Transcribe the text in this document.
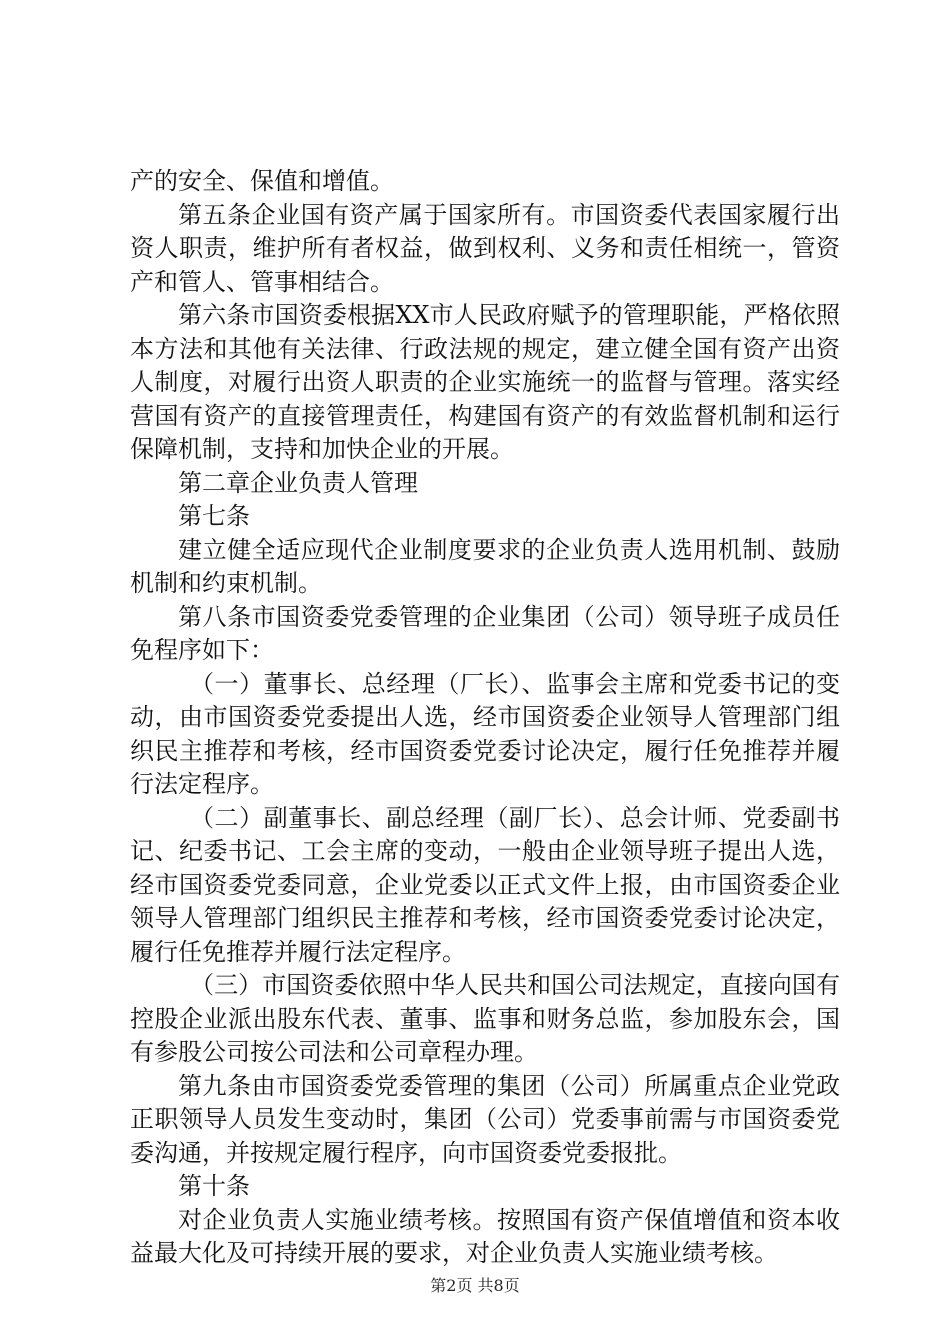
产的安全、保值和增值。

第五条企业国有资产属于国家所有。市国资委代表国家履行出资人职责，维护所有者权益，做到权利、义务和责任相统一，管资产和管人、管事相结合。

第六条市国资委根据XX市人民政府赋予的管理职能，严格依照本方法和其他有关法律、行政法规的规定，建立健全国有资产出资人制度，对履行出资人职责的企业实施统一的监督与管理。落实经营国有资产的直接管理责任，构建国有资产的有效监督机制和运行保障机制，支持和加快企业的开展。

第二章企业负责人管理

第七条

建立健全适应现代企业制度要求的企业负责人选用机制、鼓励机制和约束机制。

第八条市国资委党委管理的企业集团（公司）领导班子成员任免程序如下：

（一）董事长、总经理（厂长）、监事会主席和党委书记的变动，由市国资委党委提出人选，经市国资委企业领导人管理部门组织民主推荐和考核，经市国资委党委讨论决定，履行任免推荐并履行法定程序。

（二）副董事长、副总经理（副厂长）、总会计师、党委副书记、纪委书记、工会主席的变动，一般由企业领导班子提出人选，经市国资委党委同意，企业党委以正式文件上报，由市国资委企业领导人管理部门组织民主推荐和考核，经市国资委党委讨论决定，履行任免推荐并履行法定程序。

（三）市国资委依照中华人民共和国公司法规定，直接向国有控股企业派出股东代表、董事、监事和财务总监，参加股东会，国有参股公司按公司法和公司章程办理。

第九条由市国资委党委管理的集团（公司）所属重点企业党政正职领导人员发生变动时，集团（公司）党委事前需与市国资委党委沟通，并按规定履行程序，向市国资委党委报批。

第十条

对企业负责人实施业绩考核。按照国有资产保值增值和资本收益最大化及可持续开展的要求，对企业负责人实施业绩考核。

第2页 共8页
